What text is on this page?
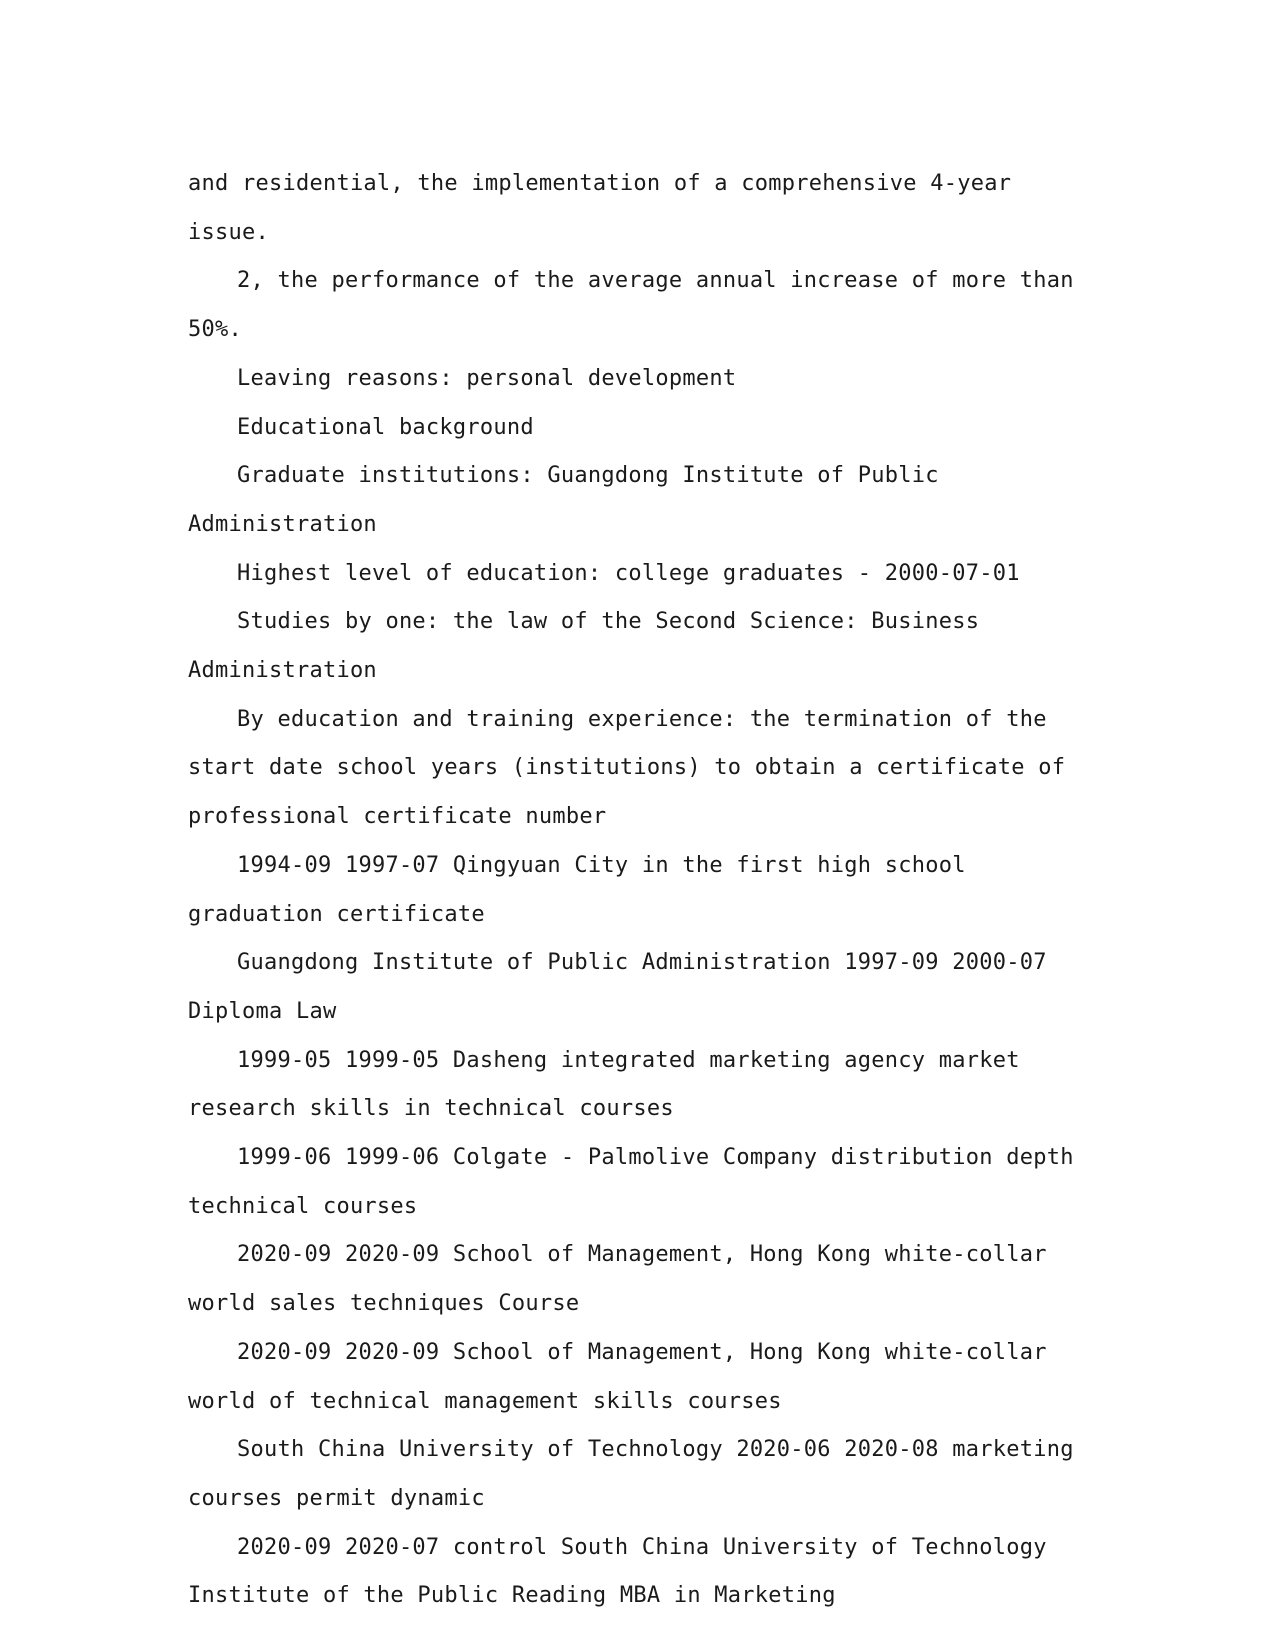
and residential, the implementation of a comprehensive 4-year issue.

2, the performance of the average annual increase of more than 50%.

Leaving reasons: personal development

Educational background

Graduate institutions: Guangdong Institute of Public Administration

Highest level of education: college graduates - 2000-07-01

Studies by one: the law of the Second Science: Business Administration

By education and training experience: the termination of the start date school years (institutions) to obtain a certificate of professional certificate number

1994-09 1997-07 Qingyuan City in the first high school graduation certificate

Guangdong Institute of Public Administration 1997-09 2000-07 Diploma Law

1999-05 1999-05 Dasheng integrated marketing agency market research skills in technical courses

1999-06 1999-06 Colgate - Palmolive Company distribution depth technical courses

2020-09 2020-09 School of Management, Hong Kong white-collar world sales techniques Course

2020-09 2020-09 School of Management, Hong Kong white-collar world of technical management skills courses

South China University of Technology 2020-06 2020-08 marketing courses permit dynamic

2020-09 2020-07 control South China University of Technology Institute of the Public Reading MBA in Marketing
